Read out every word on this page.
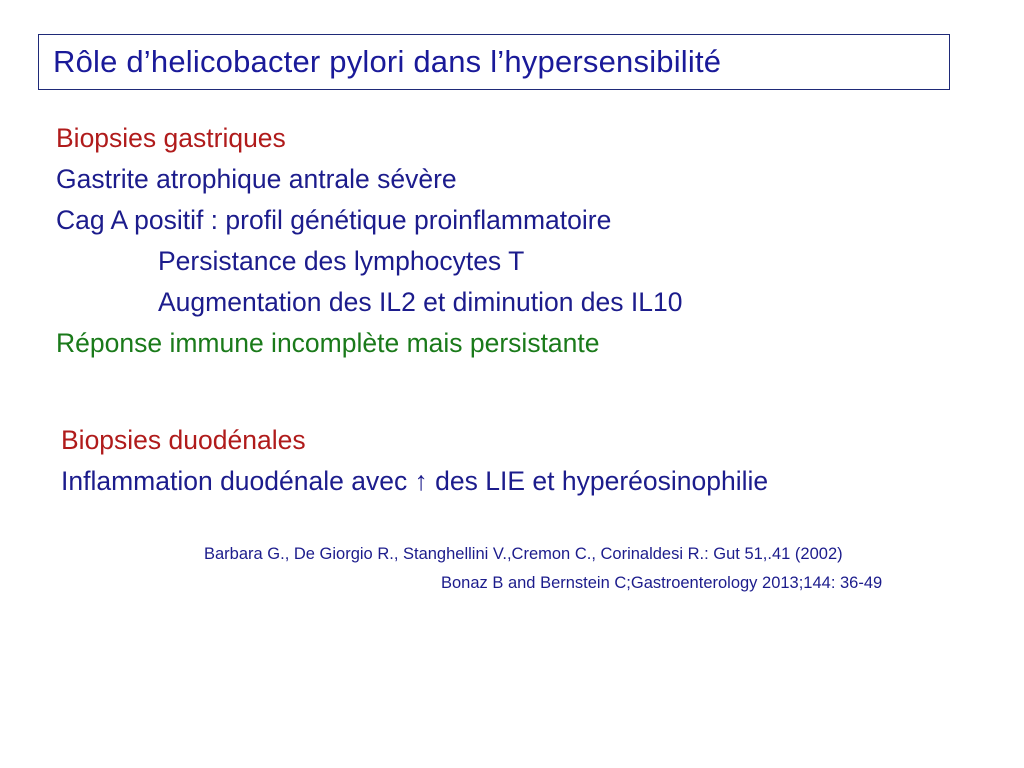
Rôle d’helicobacter pylori dans l’hypersensibilité
Biopsies gastriques
Gastrite atrophique antrale sévère
Cag A positif : profil génétique proinflammatoire
Persistance des lymphocytes T
Augmentation des IL2 et diminution des IL10
Réponse immune incomplète mais persistante
Biopsies duodénales
Inflammation duodénale avec ↑ des LIE et hyperéosinophilie
Barbara G., De Giorgio R., Stanghellini V.,Cremon C., Corinaldesi R.: Gut 51,.41 (2002)
Bonaz B and Bernstein C;Gastroenterology 2013;144: 36-49
